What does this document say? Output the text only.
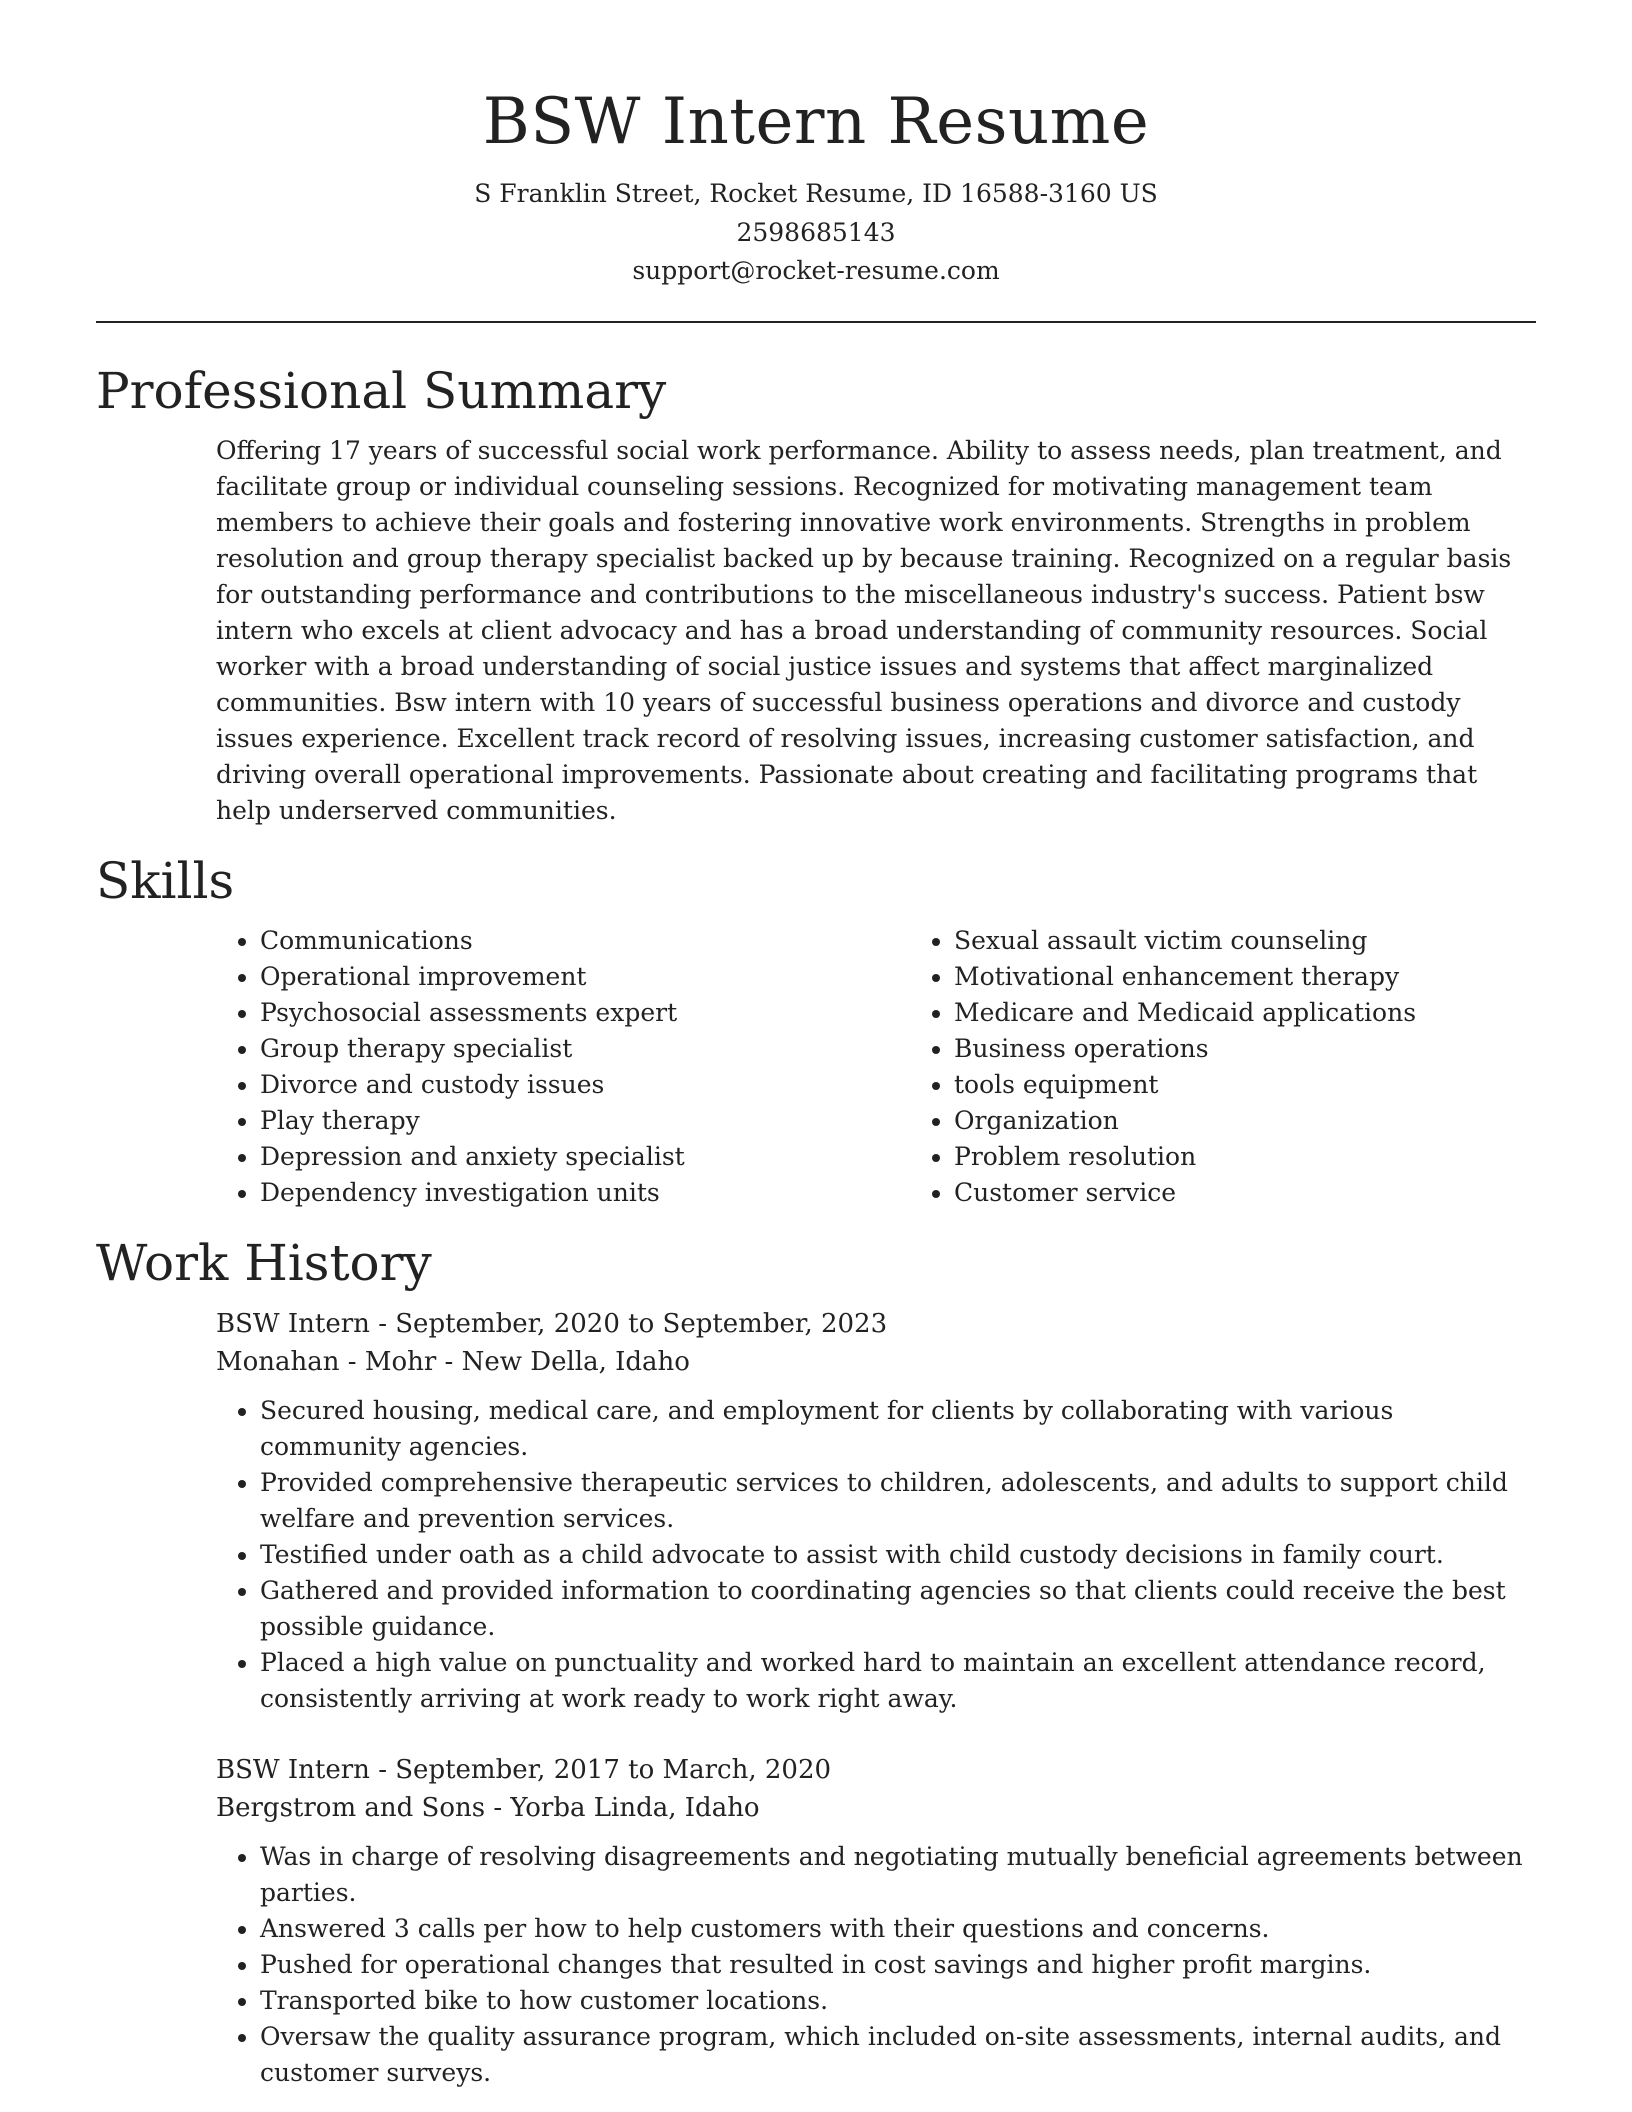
BSW Intern Resume
S Franklin Street, Rocket Resume, ID 16588-3160 US
2598685143
support@rocket-resume.com
Professional Summary
Offering 17 years of successful social work performance. Ability to assess needs, plan treatment, and facilitate group or individual counseling sessions. Recognized for motivating management team members to achieve their goals and fostering innovative work environments. Strengths in problem resolution and group therapy specialist backed up by because training. Recognized on a regular basis for outstanding performance and contributions to the miscellaneous industry's success. Patient bsw intern who excels at client advocacy and has a broad understanding of community resources. Social worker with a broad understanding of social justice issues and systems that affect marginalized communities. Bsw intern with 10 years of successful business operations and divorce and custody issues experience. Excellent track record of resolving issues, increasing customer satisfaction, and driving overall operational improvements. Passionate about creating and facilitating programs that help underserved communities.
Skills
• Communications
• Operational improvement
• Psychosocial assessments expert
• Group therapy specialist
• Divorce and custody issues
• Play therapy
• Depression and anxiety specialist
• Dependency investigation units
• Sexual assault victim counseling
• Motivational enhancement therapy
• Medicare and Medicaid applications
• Business operations
• tools equipment
• Organization
• Problem resolution
• Customer service
Work History
BSW Intern - September, 2020 to September, 2023
Monahan - Mohr - New Della, Idaho
• Secured housing, medical care, and employment for clients by collaborating with various community agencies.
• Provided comprehensive therapeutic services to children, adolescents, and adults to support child welfare and prevention services.
• Testified under oath as a child advocate to assist with child custody decisions in family court.
• Gathered and provided information to coordinating agencies so that clients could receive the best possible guidance.
• Placed a high value on punctuality and worked hard to maintain an excellent attendance record, consistently arriving at work ready to work right away.
BSW Intern - September, 2017 to March, 2020
Bergstrom and Sons - Yorba Linda, Idaho
• Was in charge of resolving disagreements and negotiating mutually beneficial agreements between parties.
• Answered 3 calls per how to help customers with their questions and concerns.
• Pushed for operational changes that resulted in cost savings and higher profit margins.
• Transported bike to how customer locations.
• Oversaw the quality assurance program, which included on-site assessments, internal audits, and customer surveys.
